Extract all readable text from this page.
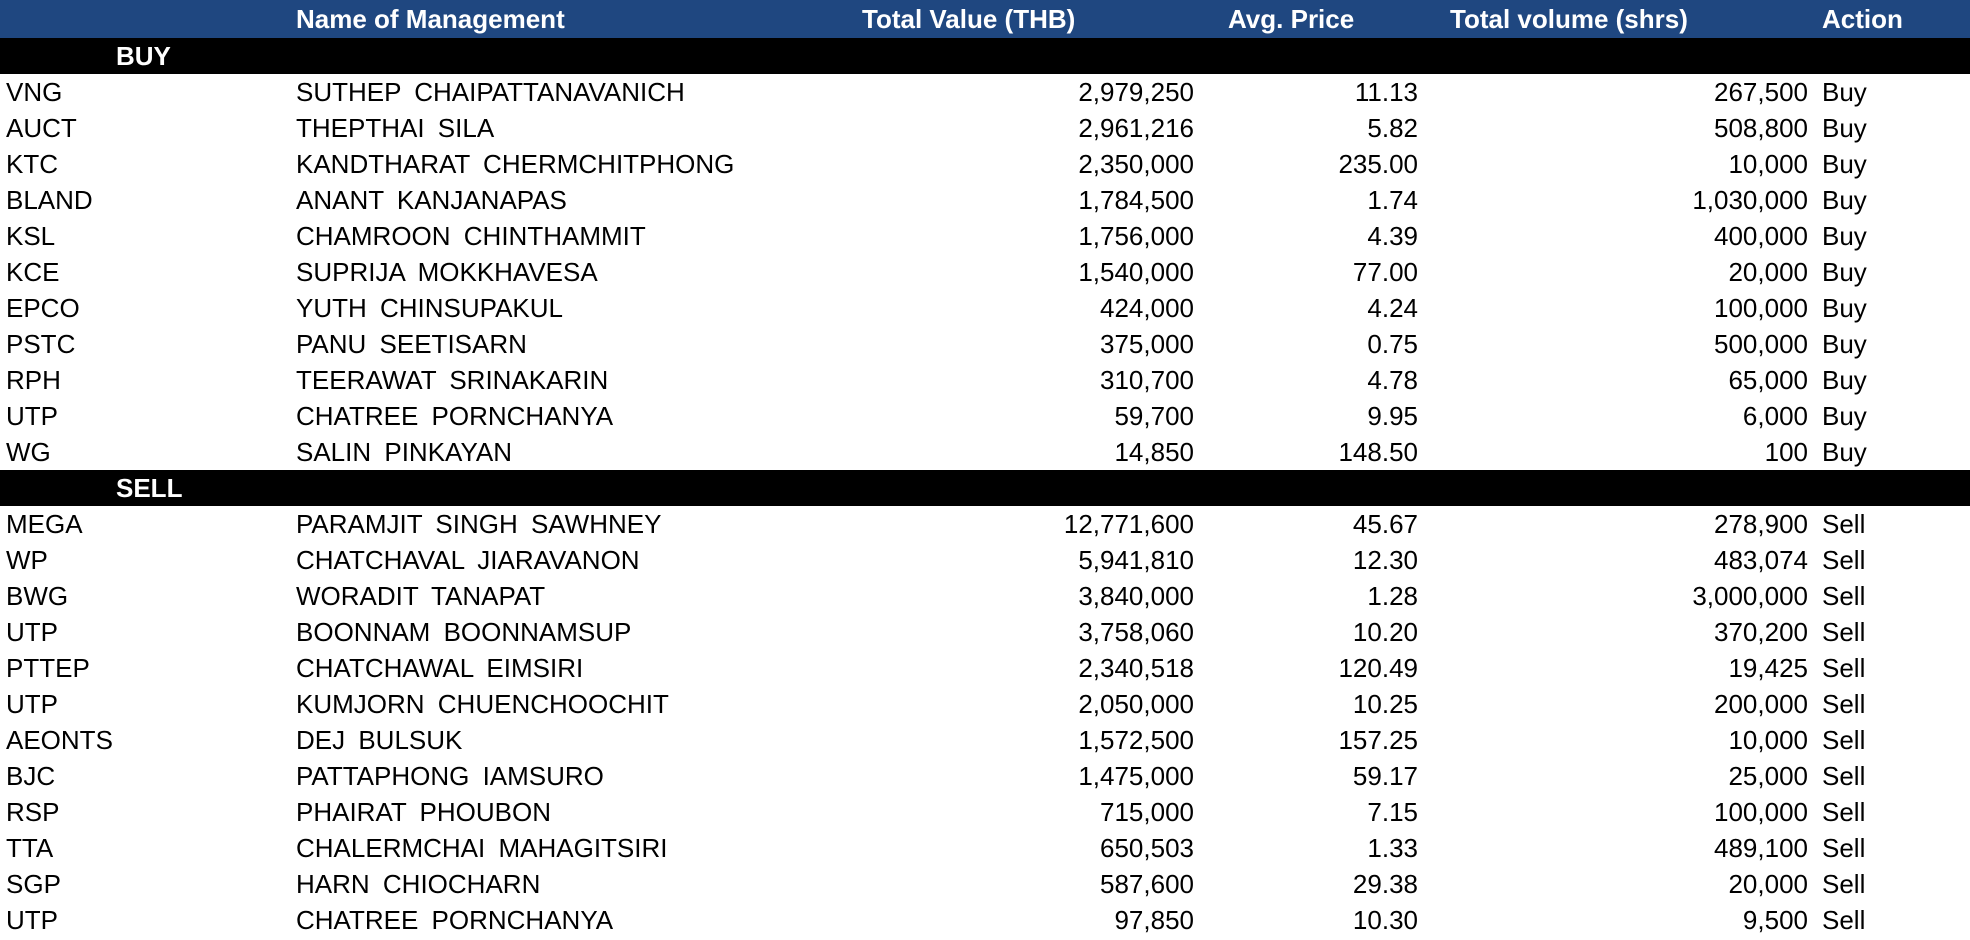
	Name of Management	Total Value (THB)	Avg. Price	Total volume (shrs)	Action
BUY					
VNG	SUTHEP CHAIPATTANAVANICH	2,979,250	11.13	267,500	Buy
AUCT	THEPTHAI SILA	2,961,216	5.82	508,800	Buy
KTC	KANDTHARAT CHERMCHITPHONG	2,350,000	235.00	10,000	Buy
BLAND	ANANT KANJANAPAS	1,784,500	1.74	1,030,000	Buy
KSL	CHAMROON CHINTHAMMIT	1,756,000	4.39	400,000	Buy
KCE	SUPRIJA MOKKHAVESA	1,540,000	77.00	20,000	Buy
EPCO	YUTH CHINSUPAKUL	424,000	4.24	100,000	Buy
PSTC	PANU SEETISARN	375,000	0.75	500,000	Buy
RPH	TEERAWAT SRINAKARIN	310,700	4.78	65,000	Buy
UTP	CHATREE PORNCHANYA	59,700	9.95	6,000	Buy
WG	SALIN PINKAYAN	14,850	148.50	100	Buy
SELL					
MEGA	PARAMJIT SINGH SAWHNEY	12,771,600	45.67	278,900	Sell
WP	CHATCHAVAL JIARAVANON	5,941,810	12.30	483,074	Sell
BWG	WORADIT TANAPAT	3,840,000	1.28	3,000,000	Sell
UTP	BOONNAM BOONNAMSUP	3,758,060	10.20	370,200	Sell
PTTEP	CHATCHAWAL EIMSIRI	2,340,518	120.49	19,425	Sell
UTP	KUMJORN CHUENCHOOCHIT	2,050,000	10.25	200,000	Sell
AEONTS	DEJ BULSUK	1,572,500	157.25	10,000	Sell
BJC	PATTAPHONG IAMSURO	1,475,000	59.17	25,000	Sell
RSP	PHAIRAT PHOUBON	715,000	7.15	100,000	Sell
TTA	CHALERMCHAI MAHAGITSIRI	650,503	1.33	489,100	Sell
SGP	HARN CHIOCHARN	587,600	29.38	20,000	Sell
UTP	CHATREE PORNCHANYA	97,850	10.30	9,500	Sell
